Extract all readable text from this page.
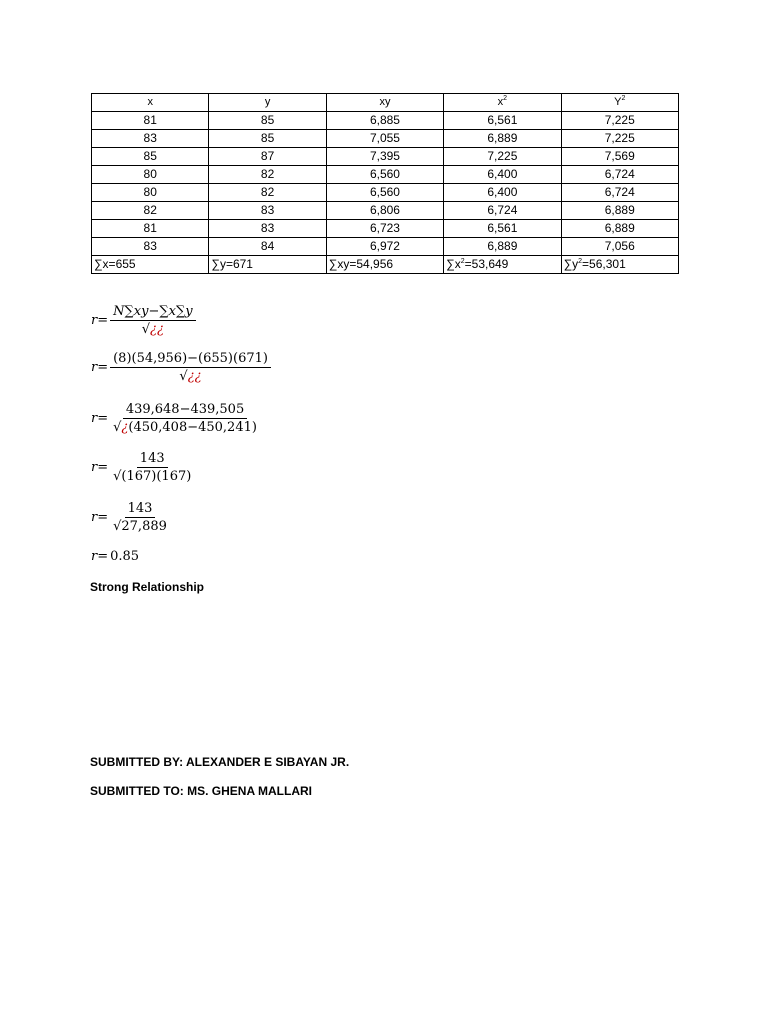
x	y	xy	$x^2$	$Y^2$
81	85	6,885	6,561	7,225
83	85	7,055	6,889	7,225
85	87	7,395	7,225	7,569
80	82	6,560	6,400	6,724
80	82	6,560	6,400	6,724
82	83	6,806	6,724	6,889
81	83	6,723	6,561	6,889
83	84	6,972	6,889	7,056
∑x=655	∑y=671	∑xy=54,956	$\sum x^2=53,649$	$\sum y^2=56,301$
$r= \frac{N\sum xy-\sum x\sum y}{√¿¿}$
$r= \frac{(8)(54,956)-(655)(671)}{√¿¿}$
$r= \frac{439,648-439,505}{√¿(450,408-450,241)}$
$r= \frac{143}{√(167)(167)}$
$r= \frac{143}{√27,889}$
r= 0.85
Strong Relationship
SUBMITTED BY: ALEXANDER E SIBAYAN JR.
SUBMITTED TO: MS. GHENA MALLARI
